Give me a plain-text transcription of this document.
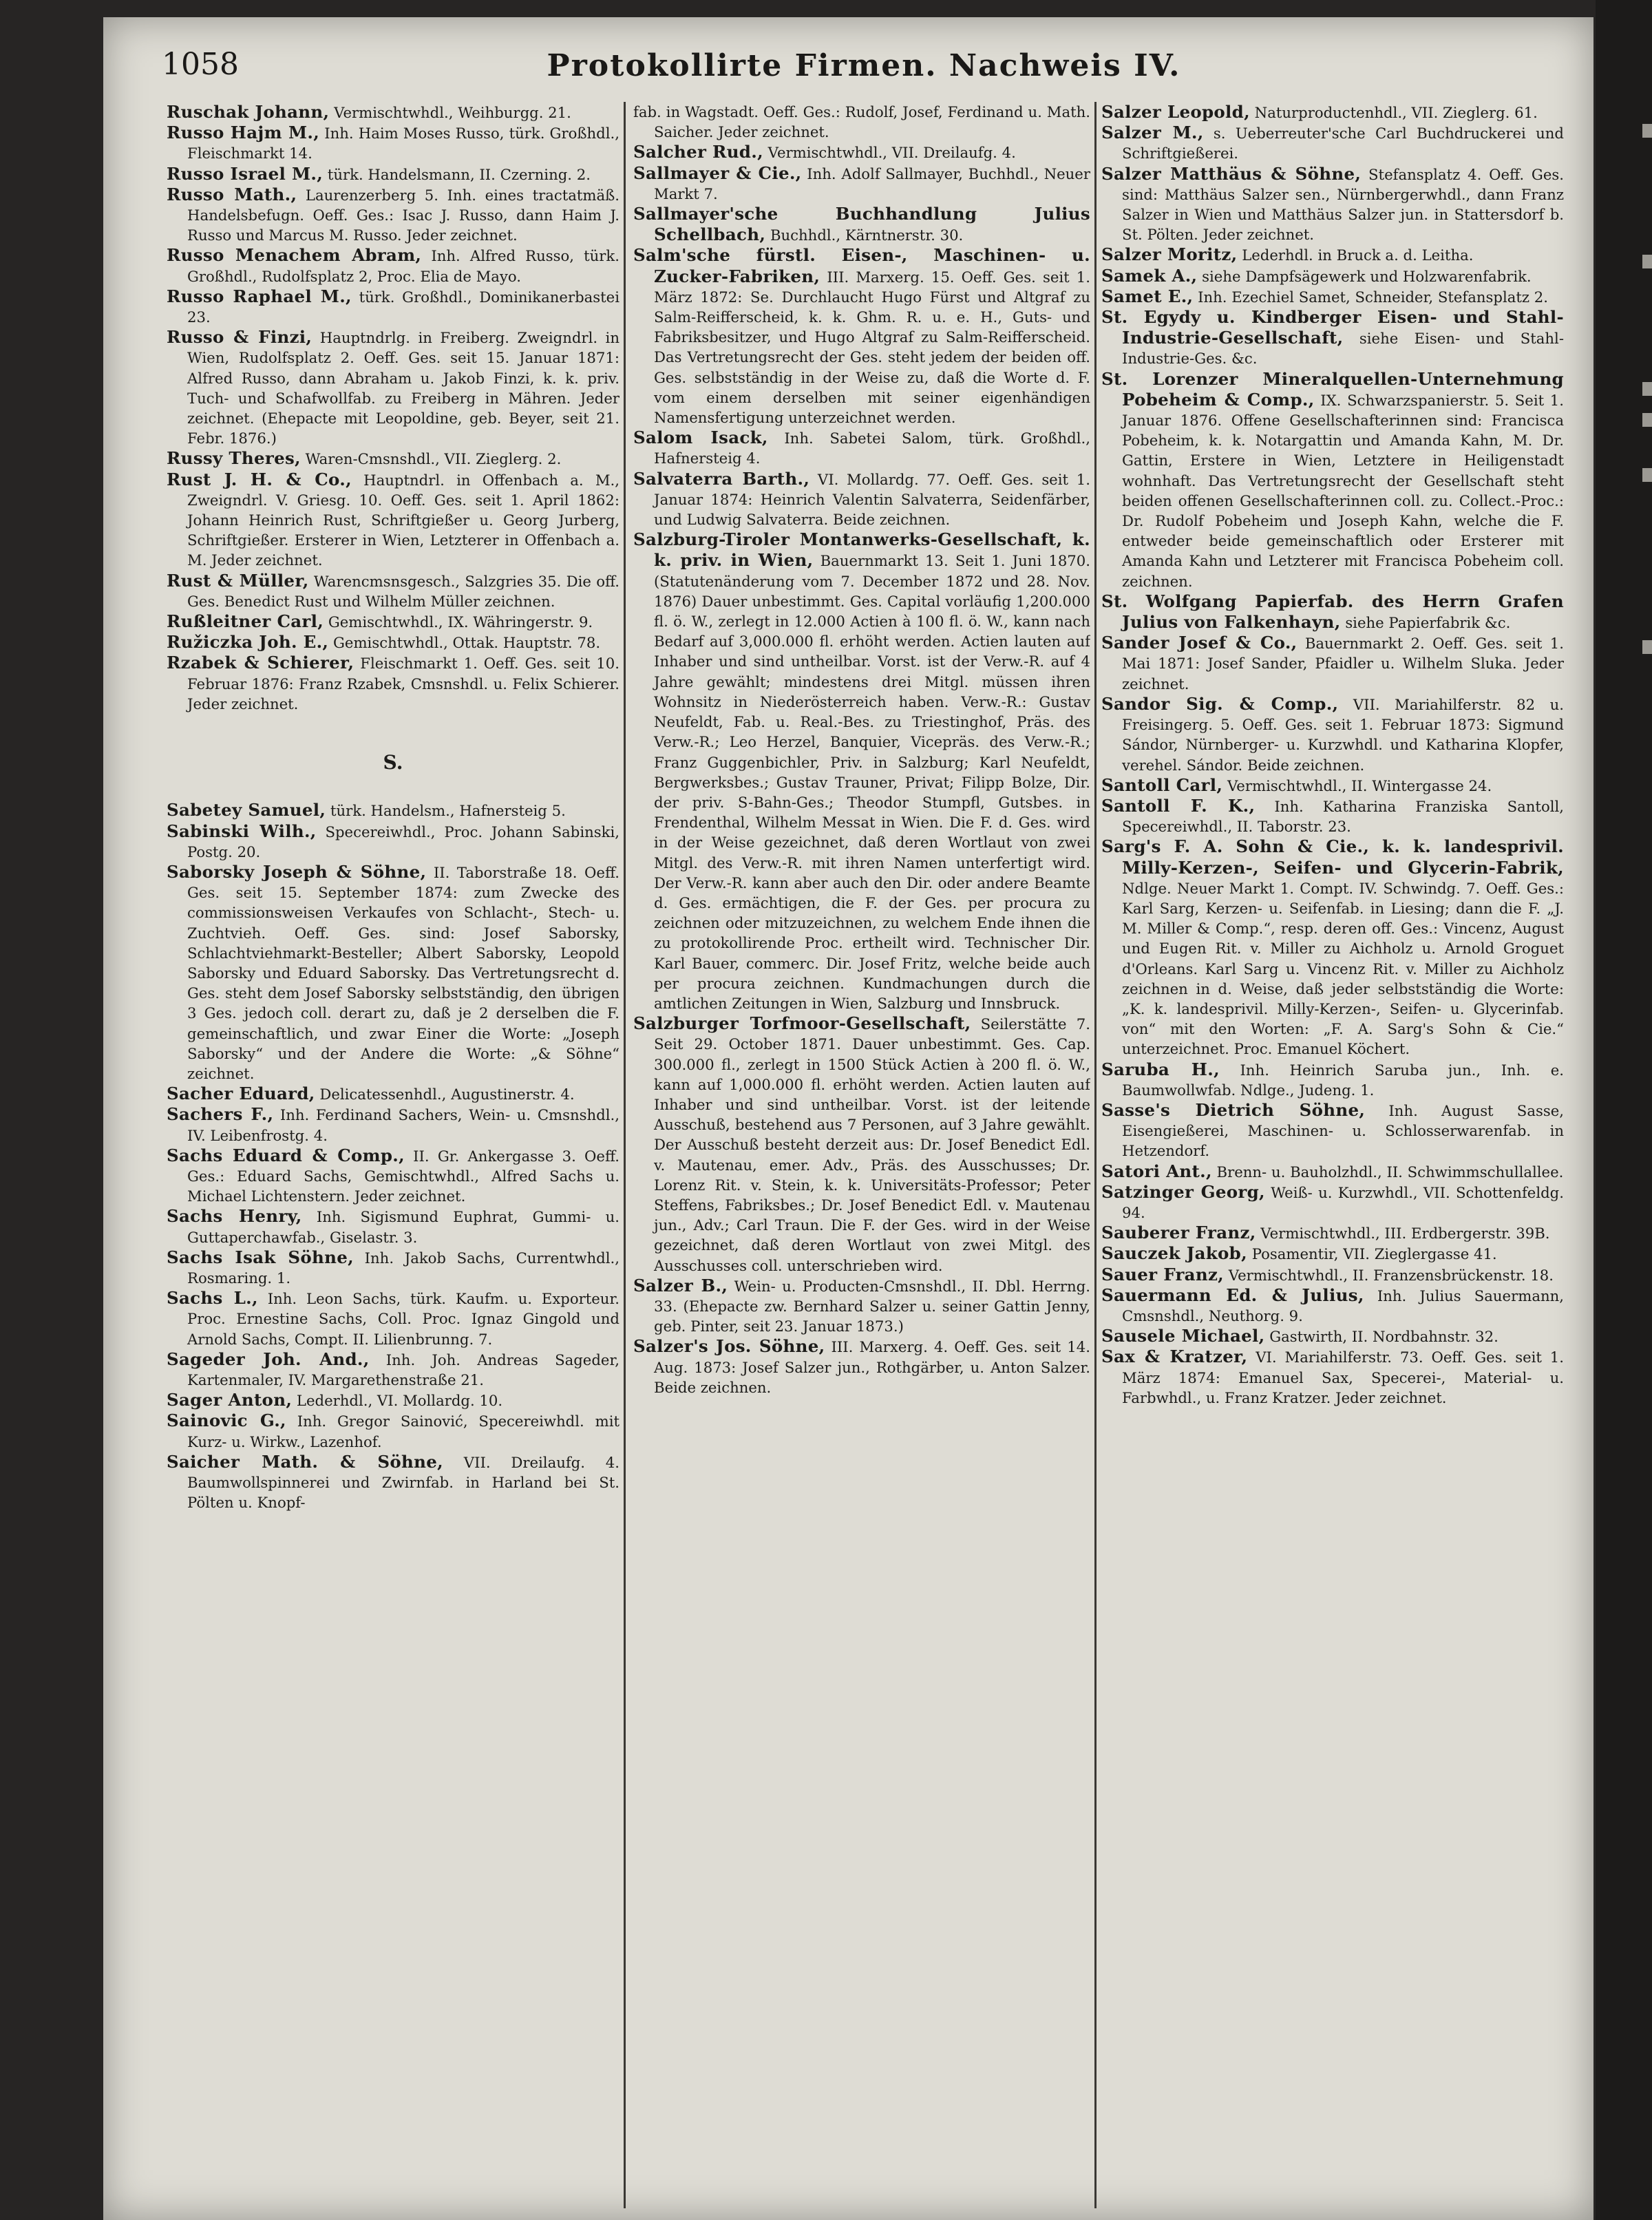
1058	Protokollirte Firmen. Nachweis IV.

Ruschak Johann, Vermischtwhdl., Weihburgg. 21.

Russo Hajm M., Inh. Haim Moses Russo, türk. Großhdl., Fleischmarkt 14.

Russo Israel M., türk. Handelsmann, II. Czerning. 2.

Russo Math., Laurenzerberg 5. Inh. eines tractatmäß. Handelsbefugn. Oeff. Ges.: Isac J. Russo, dann Haim J. Russo und Marcus M. Russo. Jeder zeichnet.

Russo Menachem Abram, Inh. Alfred Russo, türk. Großhdl., Rudolfsplatz 2, Proc. Elia de Mayo.

Russo Raphael M., türk. Großhdl., Dominikanerbastei 23.

Russo & Finzi, Hauptndrlg. in Freiberg. Zweigndrl. in Wien, Rudolfsplatz 2. Oeff. Ges. seit 15. Januar 1871: Alfred Russo, dann Abraham u. Jakob Finzi, k. k. priv. Tuch- und Schafwollfab. zu Freiberg in Mähren. Jeder zeichnet. (Ehepacte mit Leopoldine, geb. Beyer, seit 21. Febr. 1876.)

Russy Theres, Waren-Cmsnshdl., VII. Zieglerg. 2.

Rust J. H. & Co., Hauptndrl. in Offenbach a. M., Zweigndrl. V. Griesg. 10. Oeff. Ges. seit 1. April 1862: Johann Heinrich Rust, Schriftgießer u. Georg Jurberg, Schriftgießer. Ersterer in Wien, Letzterer in Offenbach a. M. Jeder zeichnet.

Rust & Müller, Warencmsnsgesch., Salzgries 35. Die off. Ges. Benedict Rust und Wilhelm Müller zeichnen.

Rußleitner Carl, Gemischtwhdl., IX. Währingerstr. 9.

Ružiczka Joh. E., Gemischtwhdl., Ottak. Hauptstr. 78.

Rzabek & Schierer, Fleischmarkt 1. Oeff. Ges. seit 10. Februar 1876: Franz Rzabek, Cmsnshdl. u. Felix Schierer. Jeder zeichnet.

S.

Sabetey Samuel, türk. Handelsm., Hafnersteig 5.

Sabinski Wilh., Specereiwhdl., Proc. Johann Sabinski, Postg. 20.

Saborsky Joseph & Söhne, II. Taborstraße 18. Oeff. Ges. seit 15. September 1874: zum Zwecke des commissionsweisen Verkaufes von Schlacht-, Stech- u. Zuchtvieh. Oeff. Ges. sind: Josef Saborsky, Schlachtviehmarkt-Besteller; Albert Saborsky, Leopold Saborsky und Eduard Saborsky. Das Vertretungsrecht d. Ges. steht dem Josef Saborsky selbstständig, den übrigen 3 Ges. jedoch coll. derart zu, daß je 2 derselben die F. gemeinschaftlich, und zwar Einer die Worte: „Joseph Saborsky“ und der Andere die Worte: „& Söhne“ zeichnet.

Sacher Eduard, Delicatessenhdl., Augustinerstr. 4.

Sachers F., Inh. Ferdinand Sachers, Wein- u. Cmsnshdl., IV. Leibenfrostg. 4.

Sachs Eduard & Comp., II. Gr. Ankergasse 3. Oeff. Ges.: Eduard Sachs, Gemischtwhdl., Alfred Sachs u. Michael Lichtenstern. Jeder zeichnet.

Sachs Henry, Inh. Sigismund Euphrat, Gummi- u. Guttaperchawfab., Giselastr. 3.

Sachs Isak Söhne, Inh. Jakob Sachs, Currentwhdl., Rosmaring. 1.

Sachs L., Inh. Leon Sachs, türk. Kaufm. u. Exporteur. Proc. Ernestine Sachs, Coll. Proc. Ignaz Gingold und Arnold Sachs, Compt. II. Lilienbrunng. 7.

Sageder Joh. And., Inh. Joh. Andreas Sageder, Kartenmaler, IV. Margarethenstraße 21.

Sager Anton, Lederhdl., VI. Mollardg. 10.

Sainovic G., Inh. Gregor Sainović, Specereiwhdl. mit Kurz- u. Wirkw., Lazenhof.

Saicher Math. & Söhne, VII. Dreilaufg. 4. Baumwollspinnerei und Zwirnfab. in Harland bei St. Pölten u. Knopf-

fab. in Wagstadt. Oeff. Ges.: Rudolf, Josef, Ferdinand u. Math. Saicher. Jeder zeichnet.

Salcher Rud., Vermischtwhdl., VII. Dreilaufg. 4.

Sallmayer & Cie., Inh. Adolf Sallmayer, Buchhdl., Neuer Markt 7.

Sallmayer'sche Buchhandlung Julius Schellbach, Buchhdl., Kärntnerstr. 30.

Salm'sche fürstl. Eisen-, Maschinen- u. Zucker-Fabriken, III. Marxerg. 15. Oeff. Ges. seit 1. März 1872: Se. Durchlaucht Hugo Fürst und Altgraf zu Salm-Reifferscheid, k. k. Ghm. R. u. e. H., Guts- und Fabriksbesitzer, und Hugo Altgraf zu Salm-Reifferscheid. Das Vertretungsrecht der Ges. steht jedem der beiden off. Ges. selbstständig in der Weise zu, daß die Worte d. F. vom einem derselben mit seiner eigenhändigen Namensfertigung unterzeichnet werden.

Salom Isack, Inh. Sabetei Salom, türk. Großhdl., Hafnersteig 4.

Salvaterra Barth., VI. Mollardg. 77. Oeff. Ges. seit 1. Januar 1874: Heinrich Valentin Salvaterra, Seidenfärber, und Ludwig Salvaterra. Beide zeichnen.

Salzburg-Tiroler Montanwerks-Gesellschaft, k. k. priv. in Wien, Bauernmarkt 13. Seit 1. Juni 1870. (Statutenänderung vom 7. December 1872 und 28. Nov. 1876) Dauer unbestimmt. Ges. Capital vorläufig 1,200.000 fl. ö. W., zerlegt in 12.000 Actien à 100 fl. ö. W., kann nach Bedarf auf 3,000.000 fl. erhöht werden. Actien lauten auf Inhaber und sind untheilbar. Vorst. ist der Verw.-R. auf 4 Jahre gewählt; mindestens drei Mitgl. müssen ihren Wohnsitz in Niederösterreich haben. Verw.-R.: Gustav Neufeldt, Fab. u. Real.-Bes. zu Triestinghof, Präs. des Verw.-R.; Leo Herzel, Banquier, Vicepräs. des Verw.-R.; Franz Guggenbichler, Priv. in Salzburg; Karl Neufeldt, Bergwerksbes.; Gustav Trauner, Privat; Filipp Bolze, Dir. der priv. S-Bahn-Ges.; Theodor Stumpfl, Gutsbes. in Frendenthal, Wilhelm Messat in Wien. Die F. d. Ges. wird in der Weise gezeichnet, daß deren Wortlaut von zwei Mitgl. des Verw.-R. mit ihren Namen unterfertigt wird. Der Verw.-R. kann aber auch den Dir. oder andere Beamte d. Ges. ermächtigen, die F. der Ges. per procura zu zeichnen oder mitzuzeichnen, zu welchem Ende ihnen die zu protokollirende Proc. ertheilt wird. Technischer Dir. Karl Bauer, commerc. Dir. Josef Fritz, welche beide auch per procura zeichnen. Kundmachungen durch die amtlichen Zeitungen in Wien, Salzburg und Innsbruck.

Salzburger Torfmoor-Gesellschaft, Seilerstätte 7. Seit 29. October 1871. Dauer unbestimmt. Ges. Cap. 300.000 fl., zerlegt in 1500 Stück Actien à 200 fl. ö. W., kann auf 1,000.000 fl. erhöht werden. Actien lauten auf Inhaber und sind untheilbar. Vorst. ist der leitende Ausschuß, bestehend aus 7 Personen, auf 3 Jahre gewählt. Der Ausschuß besteht derzeit aus: Dr. Josef Benedict Edl. v. Mautenau, emer. Adv., Präs. des Ausschusses; Dr. Lorenz Rit. v. Stein, k. k. Universitäts-Professor; Peter Steffens, Fabriksbes.; Dr. Josef Benedict Edl. v. Mautenau jun., Adv.; Carl Traun. Die F. der Ges. wird in der Weise gezeichnet, daß deren Wortlaut von zwei Mitgl. des Ausschusses coll. unterschrieben wird.

Salzer B., Wein- u. Producten-Cmsnshdl., II. Dbl. Herrng. 33. (Ehepacte zw. Bernhard Salzer u. seiner Gattin Jenny, geb. Pinter, seit 23. Januar 1873.)

Salzer's Jos. Söhne, III. Marxerg. 4. Oeff. Ges. seit 14. Aug. 1873: Josef Salzer jun., Rothgärber, u. Anton Salzer. Beide zeichnen.

Salzer Leopold, Naturproductenhdl., VII. Zieglerg. 61.

Salzer M., s. Ueberreuter'sche Carl Buchdruckerei und Schriftgießerei.

Salzer Matthäus & Söhne, Stefansplatz 4. Oeff. Ges. sind: Matthäus Salzer sen., Nürnbergerwhdl., dann Franz Salzer in Wien und Matthäus Salzer jun. in Stattersdorf b. St. Pölten. Jeder zeichnet.

Salzer Moritz, Lederhdl. in Bruck a. d. Leitha.

Samek A., siehe Dampfsägewerk und Holzwarenfabrik.

Samet E., Inh. Ezechiel Samet, Schneider, Stefansplatz 2.

St. Egydy u. Kindberger Eisen- und Stahl-Industrie-Gesellschaft, siehe Eisen- und Stahl-Industrie-Ges. &c.

St. Lorenzer Mineralquellen-Unternehmung Pobeheim & Comp., IX. Schwarzspanierstr. 5. Seit 1. Januar 1876. Offene Gesellschafterinnen sind: Francisca Pobeheim, k. k. Notargattin und Amanda Kahn, M. Dr. Gattin, Erstere in Wien, Letztere in Heiligenstadt wohnhaft. Das Vertretungsrecht der Gesellschaft steht beiden offenen Gesellschafterinnen coll. zu. Collect.-Proc.: Dr. Rudolf Pobeheim und Joseph Kahn, welche die F. entweder beide gemeinschaftlich oder Ersterer mit Amanda Kahn und Letzterer mit Francisca Pobeheim coll. zeichnen.

St. Wolfgang Papierfab. des Herrn Grafen Julius von Falkenhayn, siehe Papierfabrik &c.

Sander Josef & Co., Bauernmarkt 2. Oeff. Ges. seit 1. Mai 1871: Josef Sander, Pfaidler u. Wilhelm Sluka. Jeder zeichnet.

Sandor Sig. & Comp., VII. Mariahilferstr. 82 u. Freisingerg. 5. Oeff. Ges. seit 1. Februar 1873: Sigmund Sándor, Nürnberger- u. Kurzwhdl. und Katharina Klopfer, verehel. Sándor. Beide zeichnen.

Santoll Carl, Vermischtwhdl., II. Wintergasse 24.

Santoll F. K., Inh. Katharina Franziska Santoll, Specereiwhdl., II. Taborstr. 23.

Sarg's F. A. Sohn & Cie., k. k. landesprivil. Milly-Kerzen-, Seifen- und Glycerin-Fabrik, Ndlge. Neuer Markt 1. Compt. IV. Schwindg. 7. Oeff. Ges.: Karl Sarg, Kerzen- u. Seifenfab. in Liesing; dann die F. „J. M. Miller & Comp.“, resp. deren off. Ges.: Vincenz, August und Eugen Rit. v. Miller zu Aichholz u. Arnold Groguet d'Orleans. Karl Sarg u. Vincenz Rit. v. Miller zu Aichholz zeichnen in d. Weise, daß jeder selbstständig die Worte: „K. k. landesprivil. Milly-Kerzen-, Seifen- u. Glycerinfab. von“ mit den Worten: „F. A. Sarg's Sohn & Cie.“ unterzeichnet. Proc. Emanuel Köchert.

Saruba H., Inh. Heinrich Saruba jun., Inh. e. Baumwollwfab. Ndlge., Judeng. 1.

Sasse's Dietrich Söhne, Inh. August Sasse, Eisengießerei, Maschinen- u. Schlosserwarenfab. in Hetzendorf.

Satori Ant., Brenn- u. Bauholzhdl., II. Schwimmschullallee.

Satzinger Georg, Weiß- u. Kurzwhdl., VII. Schottenfeldg. 94.

Sauberer Franz, Vermischtwhdl., III. Erdbergerstr. 39B.

Sauczek Jakob, Posamentir, VII. Zieglergasse 41.

Sauer Franz, Vermischtwhdl., II. Franzensbrückenstr. 18.

Sauermann Ed. & Julius, Inh. Julius Sauermann, Cmsnshdl., Neuthorg. 9.

Sausele Michael, Gastwirth, II. Nordbahnstr. 32.

Sax & Kratzer, VI. Mariahilferstr. 73. Oeff. Ges. seit 1. März 1874: Emanuel Sax, Specerei-, Material- u. Farbwhdl., u. Franz Kratzer. Jeder zeichnet.
